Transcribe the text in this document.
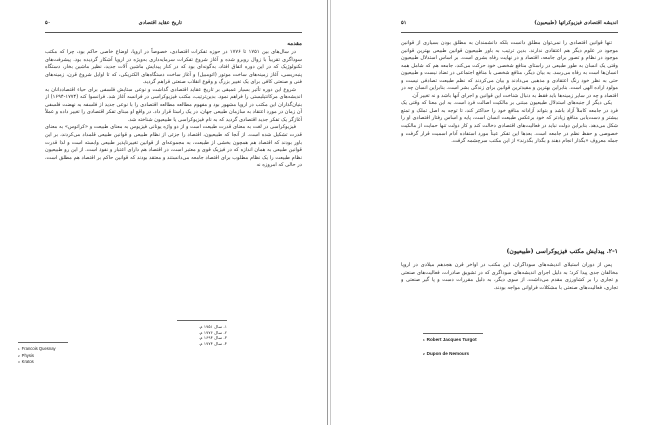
۵۰	تاریخ عقاید اقتصادی
مقدمه

در سال‌های بین ۱۷۵۱ تا ۱۷۷۶ در حوزه تفکرات اقتصادی، خصوصاً در اروپا، اوضاع خاصی حاکم بود، چرا که مکتب سوداگری تقریباً با زوال روبرو شده و آغاز شروع تفکرات سرمایه‌داری به‌ویژه در اروپا آشکار گردیده بود. پیشرفت‌های تکنولوژیک که در این دوره اتفاق افتاد، به‌گونه‌ای بود که در کنار پیدایش ماشین آلات جدید، نظیر ماشین بخار، دستگاه پنبه‌ریسی، آغاز زمینه‌های ساخت موتور (اتومبیل) و آغاز ساخت دستگاه‌های الکتریکی، که تا اوایل شروع قرن، زمینه‌های فنی و صنعتی کافی برای یک تغییر بزرگ و وقوع انقلاب صنعتی فراهم گردید.

شروع این دوره تأثیر بسیار عمیقی بر تاریخ عقاید اقتصادی گذاشت و نوعی ستایش فلسفی برای حیاء اقتصاددانان به اندیشه‌های مرکانتیلیستی را فراهم نمود. بدین‌ترتیب، مکتب فیزیوکراسی در فرانسه آغاز شد. فرانسوا کنه (۱۷۷۴-۱۶۹۴) از بنیان‌گذاران این مکتب در اروپا مشهور بود و مفهوم مطالعه مطالعه اقتصادی را با نوعی جدید از فلسفه به نهضت فلسفی آن زمان در مورد اعتقاد به سازمان طبیعی جهان، در یک راستا قرار داد. در واقع او مبنای تفکر اقتصادی را تغییر داده و عملاً آغازگر یک تفکر جدید اقتصادی گردید که به نام فیزیوکراسی یا طبیعیون شناخته شد.

فیزیوکراسی در لغت به معنای قدرت طبیعت است و از دو واژه یونانی فیزیوس به معنای طبیعت و «کراتوس» به معنای قدرت تشکیل شده است. از آنجا که طبیعیون، اقتصاد را جزئی از نظام طبیعی و قوانین طبیعی قلمداد می‌کردند، بر این باور بودند که اقتصاد هم همچون بخشی از طبیعت، به مجموعه‌ای از قوانین تغییرناپذیر طبیعی وابسته است و لذا قدرت قوانین طبیعی به همان اندازه که در فیزیک قوی و معتبر است، در اقتصاد هم دارای اعتبار و نفوذ است. از این رو طبیعیون نظام طبیعت را یک نظام مطلوب برای اقتصاد جامعه می‌دانستند و معتقد بودند که قوانین حاکم بر اقتصاد هم مطلق است، در حالی که امروزه نه

۱. سال ۱۷۵۱ م.
۲. سال ۱۷۷۶ م.
۳. سال ۱۶۹۴ م.
۴. سال ۱۷۷۴ م.
1 Francois Quesnay
2 Physis
3 Kratos
۵۱	اندیشه اقتصادی فیزیوکراتها (طبیعیون)

تنها قوانین اقتصادی را نمی‌توان مطلق دانست بلکه دانشمندان به مطلق بودن بسیاری از قوانین موجود در علوم دیگر هم اعتقادی ندارند. بدین ترتیب به باور طبیعیون قوانین طبیعی بهترین قوانین موجود در نظام و تصور برای جامعه، اقتصاد و در نهایت رفاه بشری است. بر اساس استدلال طبیعیون وقتی یک انسان به طور طبیعی در راستای منافع شخصی خود حرکت می‌کند، جامعه هم که شامل همه انسان‌ها است به رفاه می‌رسد. به بیان دیگر، منافع شخصی با منافع اجتماعی در تضاد نیست و طبیعیون حتی به نظر خود رنگ اعتقادی و مذهبی می‌دادند و بیان می‌کردند که نظم طبیعت تصادفی نیست و مولود اراده الهی است. بنابراین بهترین و مفیدترین قوانین برای زندگی بشر است. بنابراین انسان چه در اقتصاد و چه در سایر زمینه‌ها باید فقط به دنبال شناخت این قوانین و اجرای آنها باشد و نه تغییر آن.

یکی دیگر از جنبه‌های استدلال طبیعیون مبتنی بر مالکیت اصالت فرد است. به این معنا که وقتی یک فرد در جامعه کاملاً آزاد باشد و بتواند آزادانه منافع خود را حداکثر کند، تا توجه به اصل تملک و تمتع بیشتر و دست‌یابی منافع زیادتر که خود برعکس طبیعت انسان است، پایه و اساس رفتار اقتصادی او را شکل می‌دهد. بنابراین دولت نباید در فعالیت‌های اقتصادی دخالت کند و کار دولت تنها حمایت از مالکیت خصوصی و حفظ نظم در جامعه است. بعدها این تفکر عیناً مورد استفاده آدام اسمیت قرار گرفت و جمله معروف «بگذار انجام دهند و بگذار بگذرند» از این مکتب سرچشمه گرفت.

۲-۱. پیدایش مکتب فیزیوکراسی (طبیعیون)

پس از دوران استیلای اندیشه‌های سوداگران، این مکتب در اواخر قرن هجدهم میلادی در اروپا مخالفان جدی پیدا کرد؛ به دلیل اجرای اندیشه‌های سوداگری که در تشویق صادرات، فعالیت‌های صنعتی و تجاری را بر کشاورزی مقدم می‌داشت، از سوی دیگر، به دلیل مقررات دست و پا گیر صنعتی و تجاری، فعالیت‌های صنعتی با مشکلات فراوانی مواجه بودند.

1 Robert Jacques Turgot
2 Dupon de Nemours
